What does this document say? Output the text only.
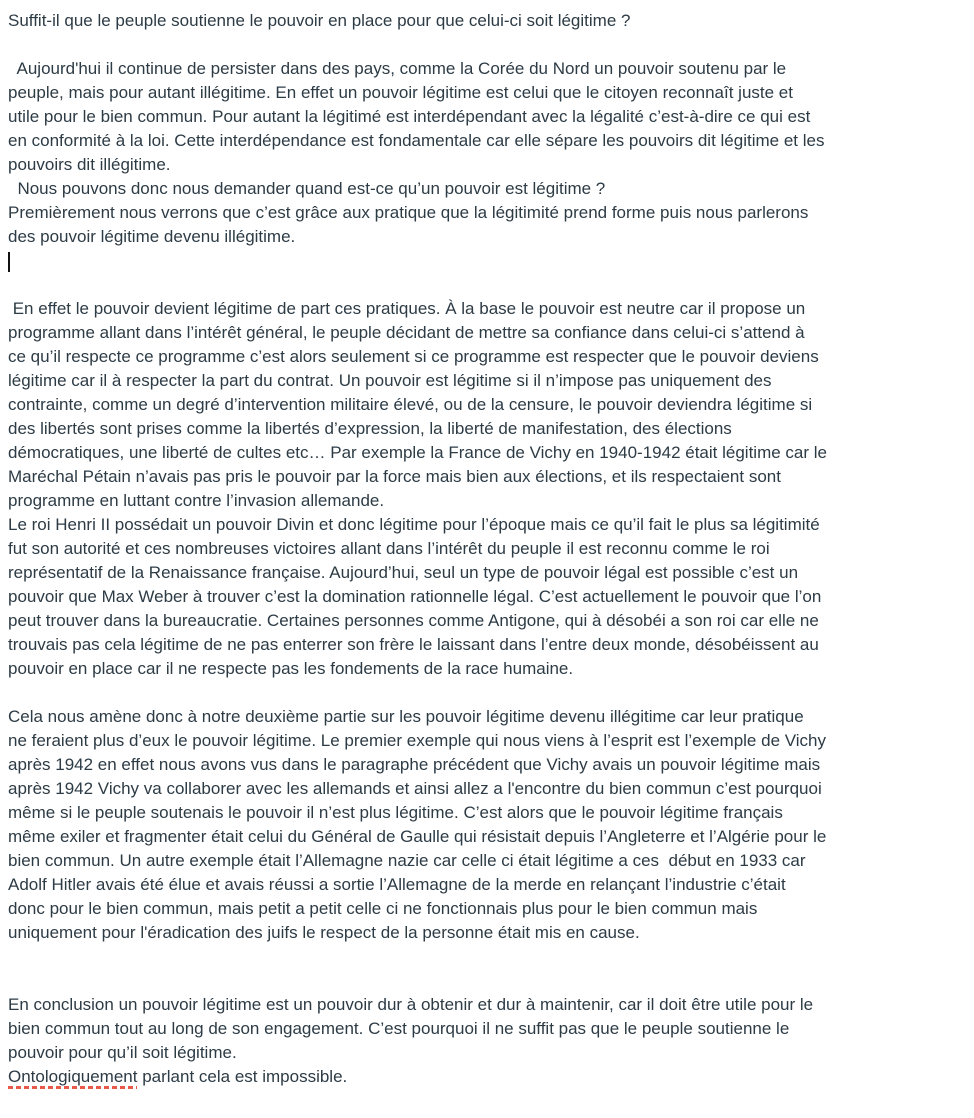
Suffit-il que le peuple soutienne le pouvoir en place pour que celui-ci soit légitime ?
Aujourd'hui il continue de persister dans des pays, comme la Corée du Nord un pouvoir soutenu par le
peuple, mais pour autant illégitime. En effet un pouvoir légitime est celui que le citoyen reconnaît juste et
utile pour le bien commun. Pour autant la légitimé est interdépendant avec la légalité c’est-à-dire ce qui est
en conformité à la loi. Cette interdépendance est fondamentale car elle sépare les pouvoirs dit légitime et les
pouvoirs dit illégitime.
Nous pouvons donc nous demander quand est-ce qu’un pouvoir est légitime ?
Premièrement nous verrons que c’est grâce aux pratique que la légitimité prend forme puis nous parlerons
des pouvoir légitime devenu illégitime.
En effet le pouvoir devient légitime de part ces pratiques. À la base le pouvoir est neutre car il propose un
programme allant dans l’intérêt général, le peuple décidant de mettre sa confiance dans celui-ci s’attend à
ce qu’il respecte ce programme c’est alors seulement si ce programme est respecter que le pouvoir deviens
légitime car il à respecter la part du contrat. Un pouvoir est légitime si il n’impose pas uniquement des
contrainte, comme un degré d’intervention militaire élevé, ou de la censure, le pouvoir deviendra légitime si
des libertés sont prises comme la libertés d’expression, la liberté de manifestation, des élections
démocratiques, une liberté de cultes etc… Par exemple la France de Vichy en 1940-1942 était légitime car le
Maréchal Pétain n’avais pas pris le pouvoir par la force mais bien aux élections, et ils respectaient sont
programme en luttant contre l’invasion allemande.
Le roi Henri II possédait un pouvoir Divin et donc légitime pour l’époque mais ce qu’il fait le plus sa légitimité
fut son autorité et ces nombreuses victoires allant dans l’intérêt du peuple il est reconnu comme le roi
représentatif de la Renaissance française. Aujourd’hui, seul un type de pouvoir légal est possible c’est un
pouvoir que Max Weber à trouver c’est la domination rationnelle légal. C’est actuellement le pouvoir que l’on
peut trouver dans la bureaucratie. Certaines personnes comme Antigone, qui à désobéi a son roi car elle ne
trouvais pas cela légitime de ne pas enterrer son frère le laissant dans l’entre deux monde, désobéissent au
pouvoir en place car il ne respecte pas les fondements de la race humaine.
Cela nous amène donc à notre deuxième partie sur les pouvoir légitime devenu illégitime car leur pratique
ne feraient plus d’eux le pouvoir légitime. Le premier exemple qui nous viens à l’esprit est l’exemple de Vichy
après 1942 en effet nous avons vus dans le paragraphe précédent que Vichy avais un pouvoir légitime mais
après 1942 Vichy va collaborer avec les allemands et ainsi allez a l'encontre du bien commun c’est pourquoi
même si le peuple soutenais le pouvoir il n’est plus légitime. C’est alors que le pouvoir légitime français
même exiler et fragmenter était celui du Général de Gaulle qui résistait depuis l’Angleterre et l’Algérie pour le
bien commun. Un autre exemple était l’Allemagne nazie car celle ci était légitime a ces  début en 1933 car
Adolf Hitler avais été élue et avais réussi a sortie l’Allemagne de la merde en relançant l’industrie c’était
donc pour le bien commun, mais petit a petit celle ci ne fonctionnais plus pour le bien commun mais
uniquement pour l'éradication des juifs le respect de la personne était mis en cause.
En conclusion un pouvoir légitime est un pouvoir dur à obtenir et dur à maintenir, car il doit être utile pour le
bien commun tout au long de son engagement. C’est pourquoi il ne suffit pas que le peuple soutienne le
pouvoir pour qu’il soit légitime.
Ontologiquement parlant cela est impossible.
